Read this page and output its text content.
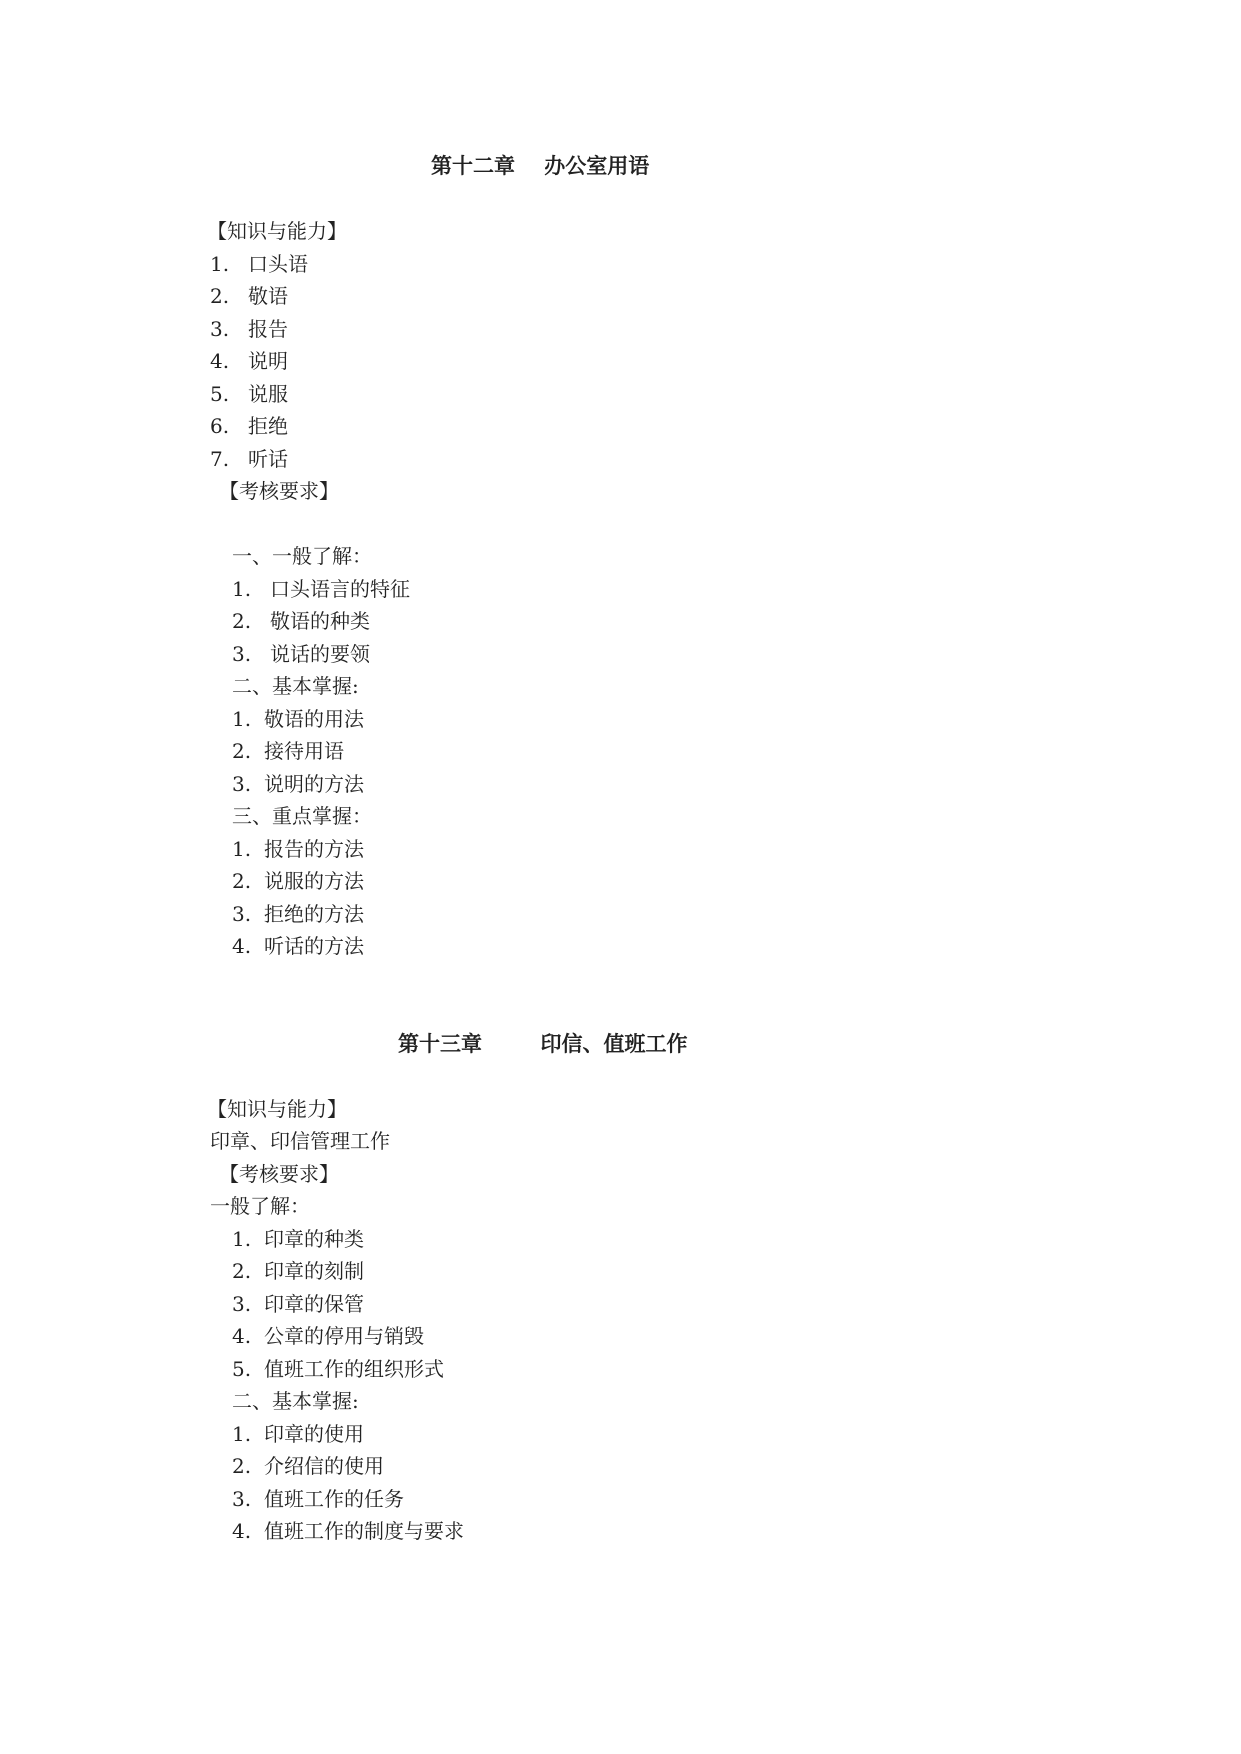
第十二章    办公室用语
【知识与能力】
1. 口头语
2. 敬语
3. 报告
4. 说明
5. 说服
6. 拒绝
7. 听话
【考核要求】
一、一般了解：
1. 口头语言的特征
2. 敬语的种类
3. 说话的要领
二、基本掌握:
1. 敬语的用法
2. 接待用语
3. 说明的方法
三、重点掌握：
1. 报告的方法
2. 说服的方法
3. 拒绝的方法
4. 听话的方法
第十三章        印信、值班工作
【知识与能力】
印章、印信管理工作
【考核要求】
一般了解：
1. 印章的种类
2. 印章的刻制
3. 印章的保管
4. 公章的停用与销毁
5. 值班工作的组织形式
二、基本掌握:
1. 印章的使用
2. 介绍信的使用
3. 值班工作的任务
4. 值班工作的制度与要求
